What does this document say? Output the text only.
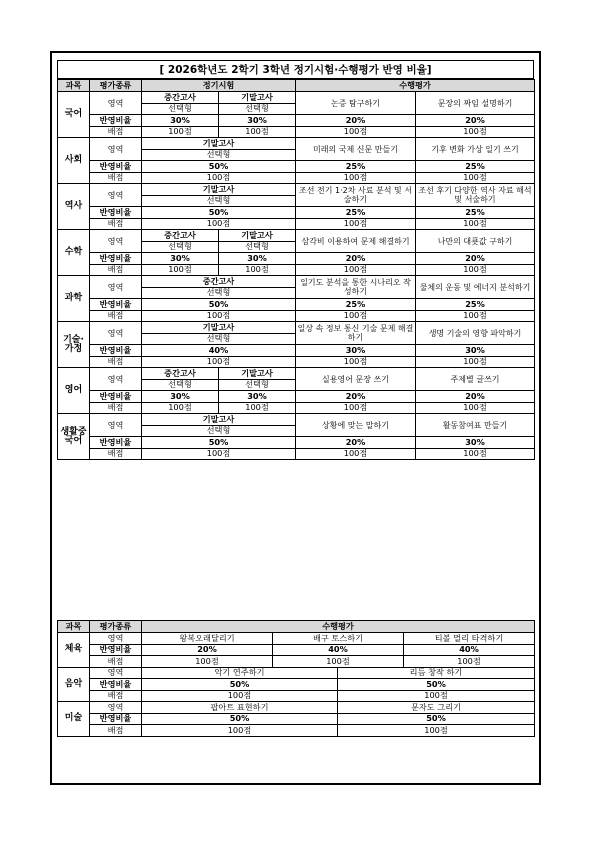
[ 2026학년도 2학기 3학년 정기시험·수행평가 반영 비율]
과목	평가종류	정기시험		수행평가	
국어	영역	중간고사	기말고사	논증 탐구하기	문장의 짜임 설명하기
		선택형	선택형		
	반영비율	30%	30%	20%	20%
	배점	100점	100점	100점	100점
사회	영역	기말고사		미래의 국제 신문 만들기	기후 변화 가상 일기 쓰기
		선택형			
	반영비율	50%		25%	25%
	배점	100점		100점	100점
역사	영역	기말고사		조선 전기 1·2차 사료 분석 및 서술하기	조선 후기 다양한 역사 자료 해석 및 서술하기
		선택형			
	반영비율	50%		25%	25%
	배점	100점		100점	100점
수학	영역	중간고사	기말고사	삼각비 이용하여 문제 해결하기	나만의 대푯값 구하기
		선택형	선택형		
	반영비율	30%	30%	20%	20%
	배점	100점	100점	100점	100점
과학	영역	중간고사		일기도 분석을 통한 시나리오 작성하기	물체의 운동 및 에너지 분석하기
		선택형			
	반영비율	50%		25%	25%
	배점	100점		100점	100점
기술·가정	영역	기말고사		일상 속 정보 통신 기술 문제 해결하기	생명 기술의 영향 파악하기
		선택형			
	반영비율	40%		30%	30%
	배점	100점		100점	100점
영어	영역	중간고사	기말고사	실용영어 문장 쓰기	주제별 글쓰기
		선택형	선택형		
	반영비율	30%	30%	20%	20%
	배점	100점	100점	100점	100점
생활중국어	영역	기말고사		상황에 맞는 말하기	활동참여표 만들기
		선택형			
	반영비율	50%		20%	30%
	배점	100점		100점	100점
과목	평가종류	수행평가			
체육	영역	왕복오래달리기	배구 토스하기		티볼 멀리 타격하기
	반영비율	20%	40%		40%
	배점	100점	100점		100점
음악	영역	악기 연주하기		리듬 창작 하기	
	반영비율	50%		50%	
	배점	100점		100점	
미술	영역	팝아트 표현하기		문자도 그리기	
	반영비율	50%		50%	
	배점	100점		100점	
